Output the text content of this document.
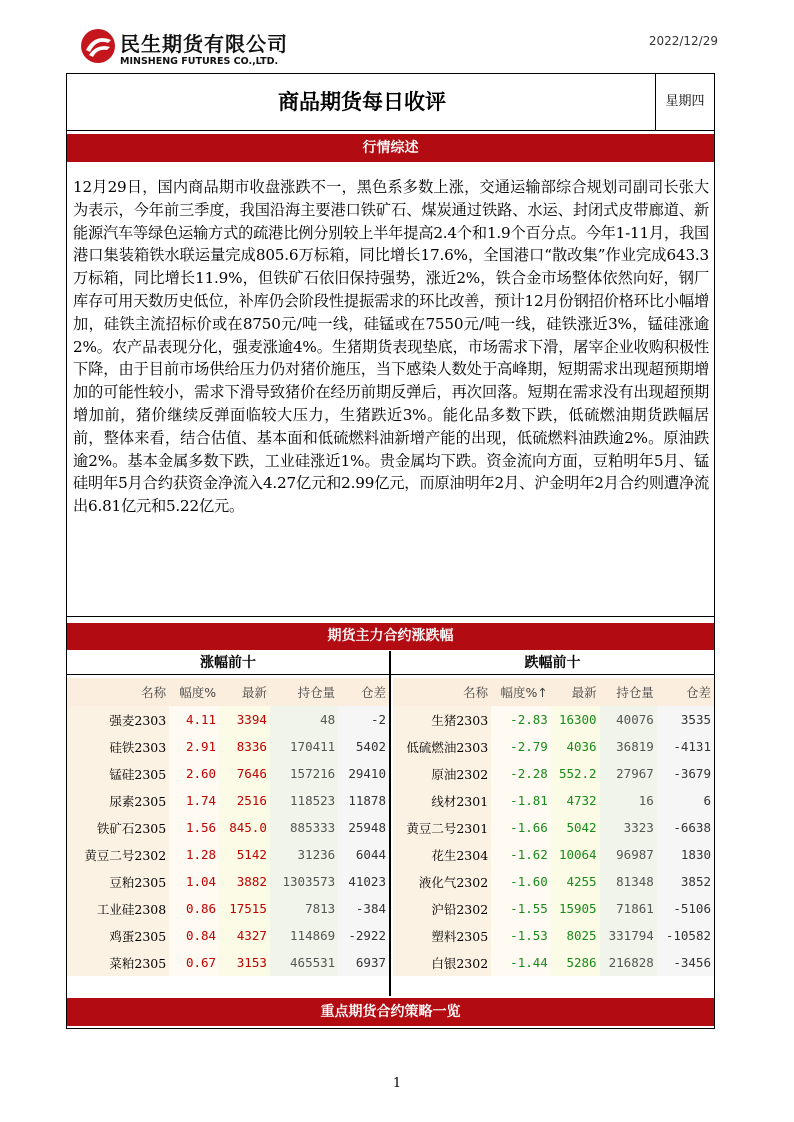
民生期货有限公司
MINSHENG FUTURES CO.,LTD.
2022/12/29
商品期货每日收评	星期四
行情综述

12月29日，国内商品期市收盘涨跌不一，黑色系多数上涨，交通运输部综合规划司副司长张大为表示，今年前三季度，我国沿海主要港口铁矿石、煤炭通过铁路、水运、封闭式皮带廊道、新能源汽车等绿色运输方式的疏港比例分别较上半年提高2.4个和1.9个百分点。今年1-11月，我国港口集装箱铁水联运量完成805.6万标箱，同比增长17.6%，全国港口“散改集”作业完成643.3万标箱，同比增长11.9%，但铁矿石依旧保持强势，涨近2%，铁合金市场整体依然向好，钢厂库存可用天数历史低位，补库仍会阶段性提振需求的环比改善，预计12月份钢招价格环比小幅增加，硅铁主流招标价或在8750元/吨一线，硅锰或在7550元/吨一线，硅铁涨近3%，锰硅涨逾2%。农产品表现分化，强麦涨逾4%。生猪期货表现垫底，市场需求下滑，屠宰企业收购积极性下降，由于目前市场供给压力仍对猪价施压，当下感染人数处于高峰期，短期需求出现超预期增加的可能性较小，需求下滑导致猪价在经历前期反弹后，再次回落。短期在需求没有出现超预期增加前，猪价继续反弹面临较大压力，生猪跌近3%。能化品多数下跌，低硫燃油期货跌幅居前，整体来看，结合估值、基本面和低硫燃料油新增产能的出现，低硫燃料油跌逾2%。原油跌逾2%。基本金属多数下跌，工业硅涨近1%。贵金属均下跌。资金流向方面，豆粕明年5月、锰硅明年5月合约获资金净流入4.27亿元和2.99亿元，而原油明年2月、沪金明年2月合约则遭净流出6.81亿元和5.22亿元。

期货主力合约涨跌幅
涨幅前十	跌幅前十
名称	幅度%	最新	持仓量	仓差
强麦2303	4.11	3394	48	-2
硅铁2303	2.91	8336	170411	5402
锰硅2305	2.60	7646	157216	29410
尿素2305	1.74	2516	118523	11878
铁矿石2305	1.56	845.0	885333	25948
黄豆二号2302	1.28	5142	31236	6044
豆粕2305	1.04	3882	1303573	41023
工业硅2308	0.86	17515	7813	-384
鸡蛋2305	0.84	4327	114869	-2922
菜粕2305	0.67	3153	465531	6937
名称	幅度%↑	最新	持仓量	仓差
生猪2303	-2.83	16300	40076	3535
低硫燃油2303	-2.79	4036	36819	-4131
原油2302	-2.28	552.2	27967	-3679
线材2301	-1.81	4732	16	6
黄豆二号2301	-1.66	5042	3323	-6638
花生2304	-1.62	10064	96987	1830
液化气2302	-1.60	4255	81348	3852
沪铅2302	-1.55	15905	71861	-5106
塑料2305	-1.53	8025	331794	-10582
白银2302	-1.44	5286	216828	-3456
重点期货合约策略一览
1
